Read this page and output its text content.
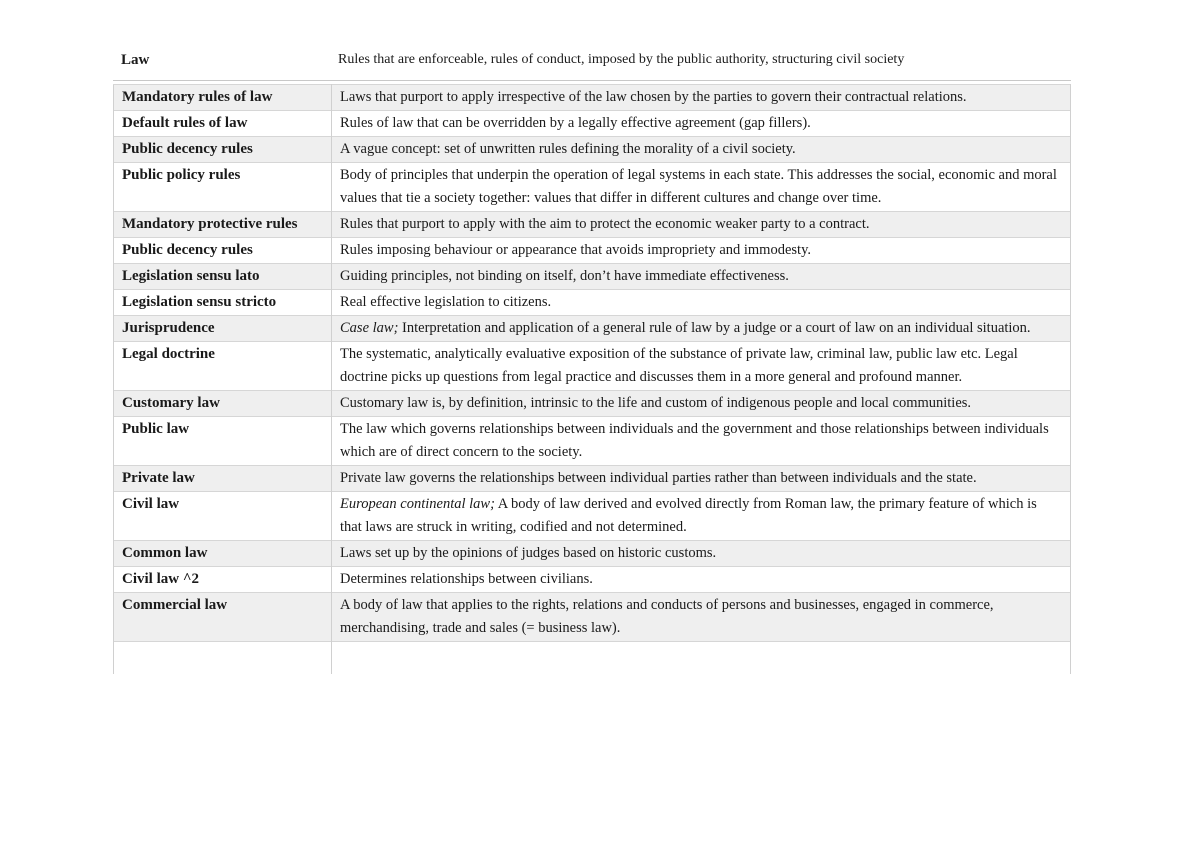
Law	Rules that are enforceable, rules of conduct, imposed by the public authority, structuring civil society
Mandatory rules of law	Laws that purport to apply irrespective of the law chosen by the parties to govern their contractual relations.
Default rules of law	Rules of law that can be overridden by a legally effective agreement (gap fillers).
Public decency rules	A vague concept: set of unwritten rules defining the morality of a civil society.
Public policy rules	Body of principles that underpin the operation of legal systems in each state. This addresses the social, economic and moral values that tie a society together: values that differ in different cultures and change over time.
Mandatory protective rules	Rules that purport to apply with the aim to protect the economic weaker party to a contract.
Public decency rules	Rules imposing behaviour or appearance that avoids impropriety and immodesty.
Legislation sensu lato	Guiding principles, not binding on itself, don’t have immediate effectiveness.
Legislation sensu stricto	Real effective legislation to citizens.
Jurisprudence	Case law; Interpretation and application of a general rule of law by a judge or a court of law on an individual situation.
Legal doctrine	The systematic, analytically evaluative exposition of the substance of private law, criminal law, public law etc. Legal doctrine picks up questions from legal practice and discusses them in a more general and profound manner.
Customary law	Customary law is, by definition, intrinsic to the life and custom of indigenous people and local communities.
Public law	The law which governs relationships between individuals and the government and those relationships between individuals which are of direct concern to the society.
Private law	Private law governs the relationships between individual parties rather than between individuals and the state.
Civil law	European continental law; A body of law derived and evolved directly from Roman law, the primary feature of which is that laws are struck in writing, codified and not determined.
Common law	Laws set up by the opinions of judges based on historic customs.
Civil law ^2	Determines relationships between civilians.
Commercial law	A body of law that applies to the rights, relations and conducts of persons and businesses, engaged in commerce, merchandising, trade and sales (= business law).
